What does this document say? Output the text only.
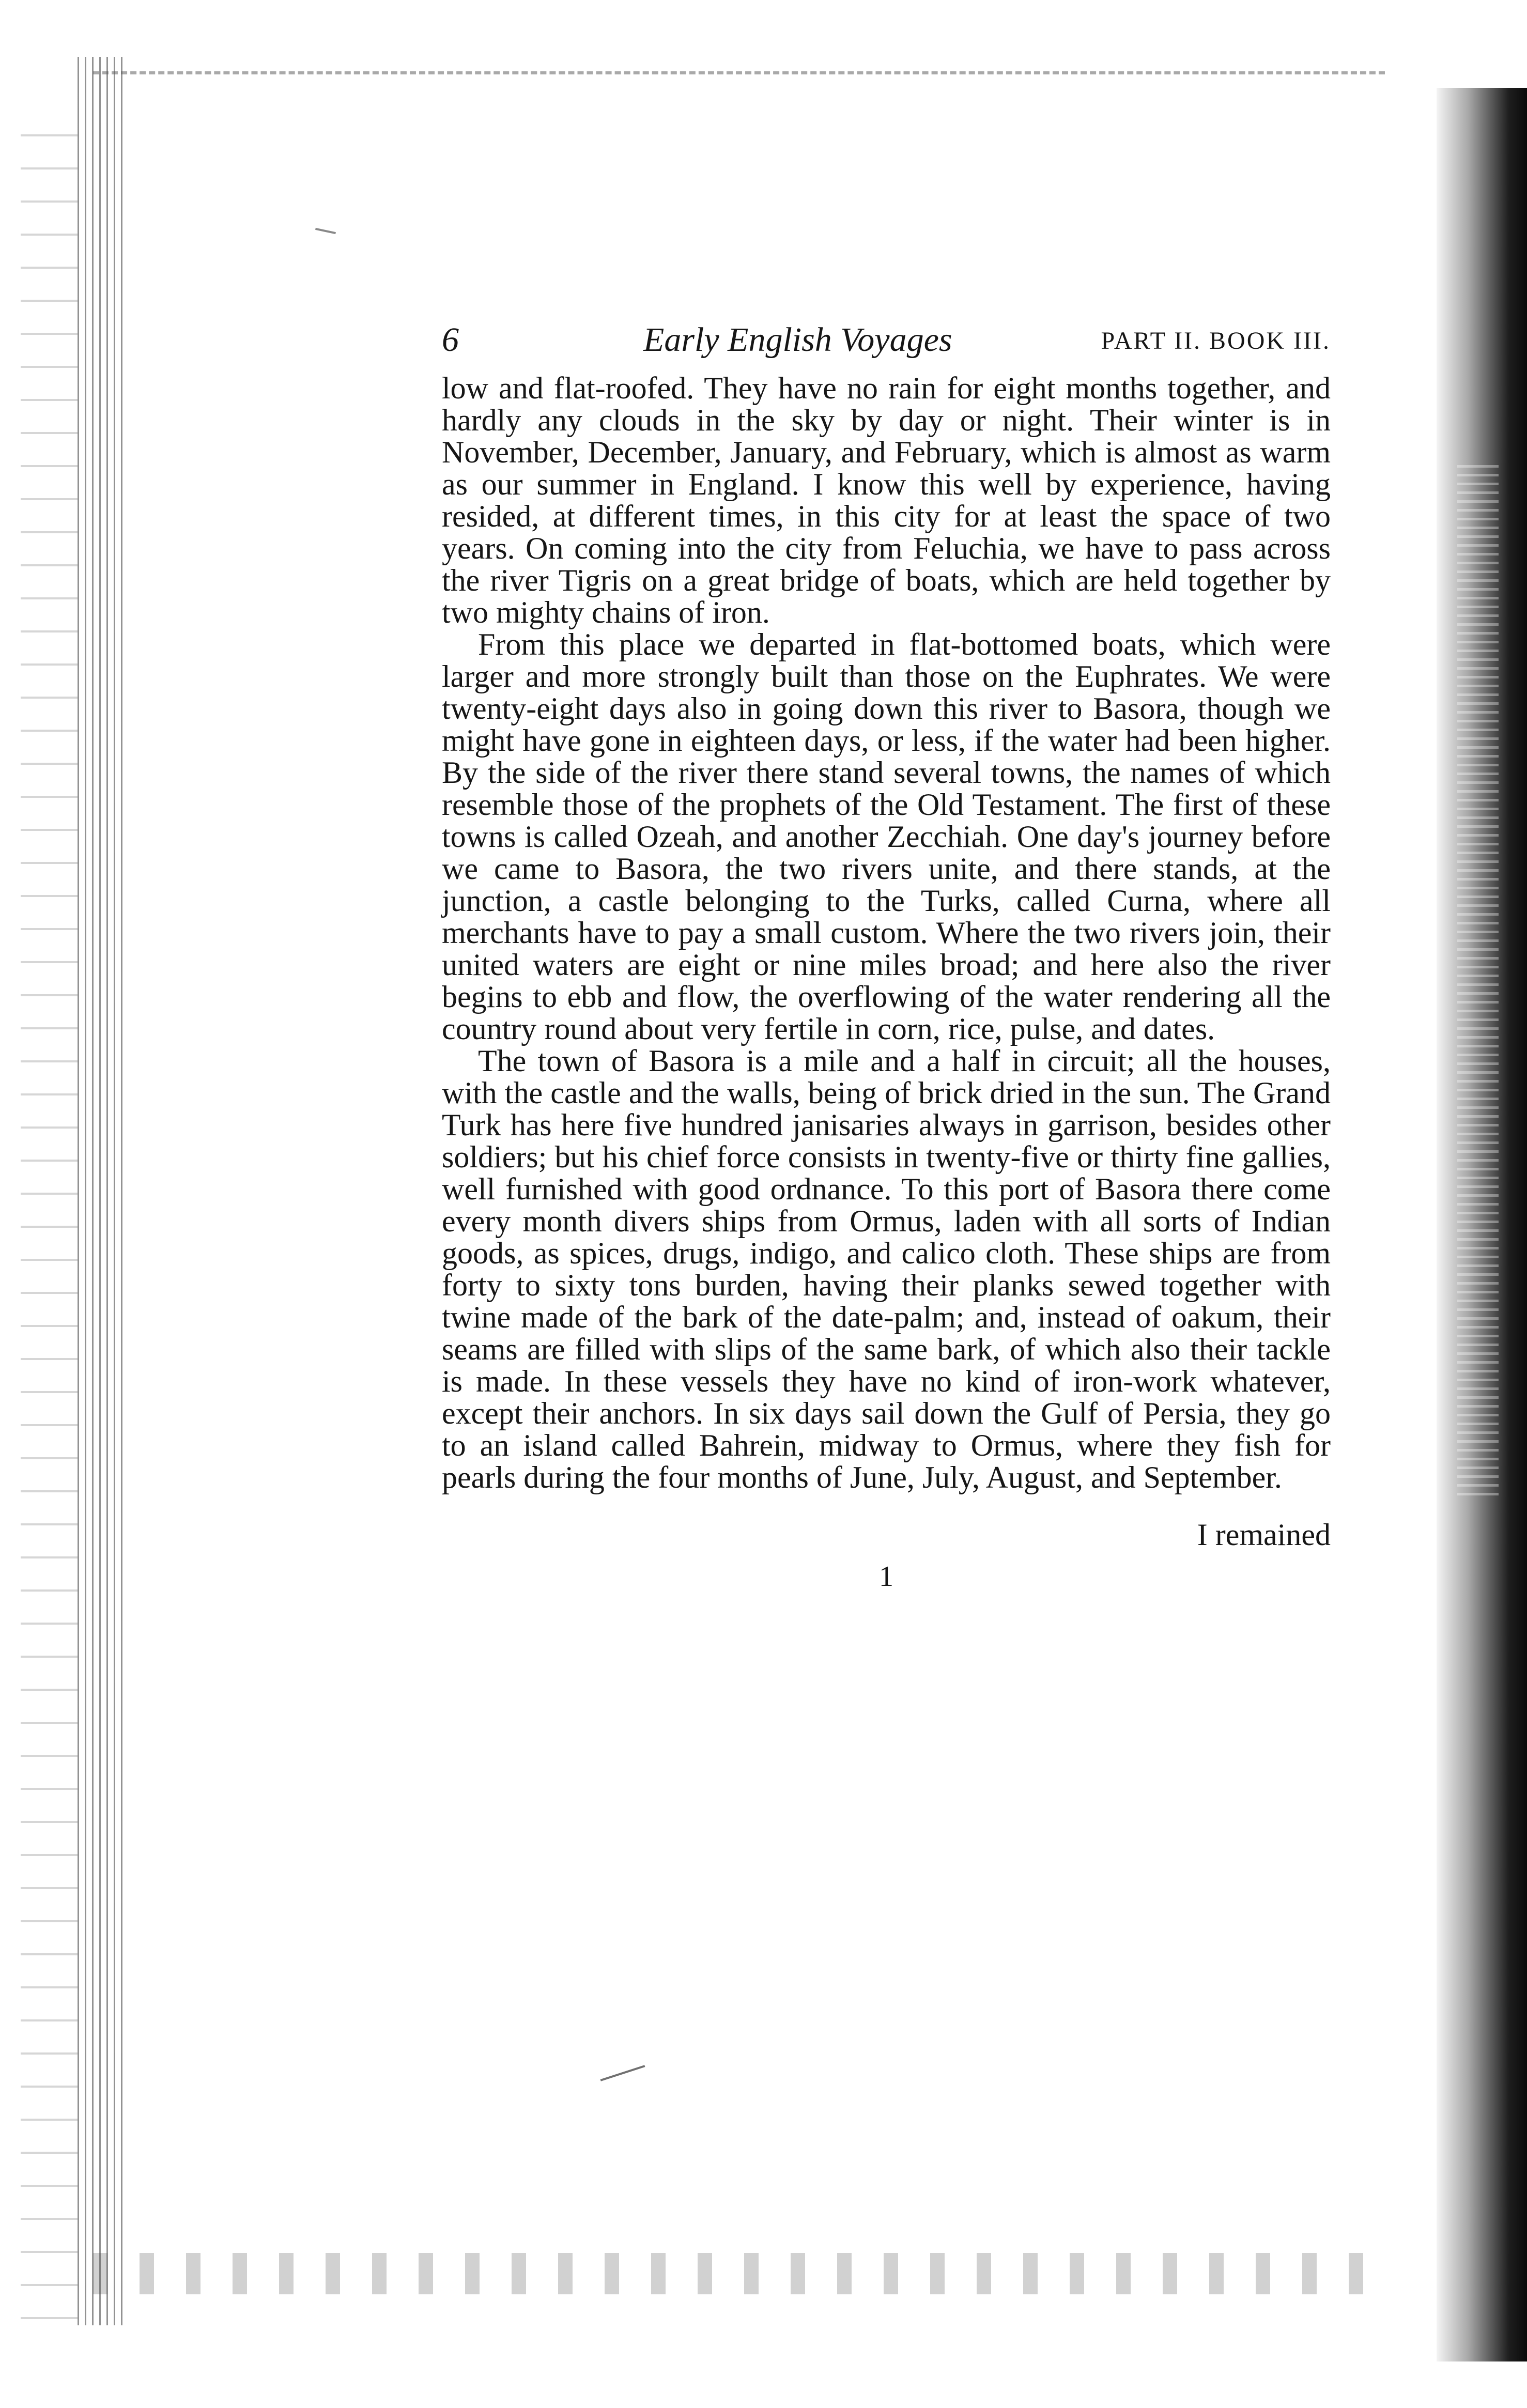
6	Early English Voyages	PART II. BOOK III.

low and flat-roofed. They have no rain for eight months together, and hardly any clouds in the sky by day or night. Their winter is in November, December, January, and February, which is almost as warm as our summer in England. I know this well by experience, having resided, at different times, in this city for at least the space of two years. On coming into the city from Feluchia, we have to pass across the river Tigris on a great bridge of boats, which are held together by two mighty chains of iron.

From this place we departed in flat-bottomed boats, which were larger and more strongly built than those on the Euphrates. We were twenty-eight days also in going down this river to Basora, though we might have gone in eighteen days, or less, if the water had been higher. By the side of the river there stand several towns, the names of which resemble those of the prophets of the Old Testament. The first of these towns is called Ozeah, and another Zecchiah. One day's journey before we came to Basora, the two rivers unite, and there stands, at the junction, a castle belonging to the Turks, called Curna, where all merchants have to pay a small custom. Where the two rivers join, their united waters are eight or nine miles broad; and here also the river begins to ebb and flow, the overflowing of the water rendering all the country round about very fertile in corn, rice, pulse, and dates.

The town of Basora is a mile and a half in circuit; all the houses, with the castle and the walls, being of brick dried in the sun. The Grand Turk has here five hundred janisaries always in garrison, besides other soldiers; but his chief force consists in twenty-five or thirty fine gallies, well furnished with good ordnance. To this port of Basora there come every month divers ships from Ormus, laden with all sorts of Indian goods, as spices, drugs, indigo, and calico cloth. These ships are from forty to sixty tons burden, having their planks sewed together with twine made of the bark of the date-palm; and, instead of oakum, their seams are filled with slips of the same bark, of which also their tackle is made. In these vessels they have no kind of iron-work whatever, except their anchors. In six days sail down the Gulf of Persia, they go to an island called Bahrein, midway to Ormus, where they fish for pearls during the four months of June, July, August, and September.

I remained
1
